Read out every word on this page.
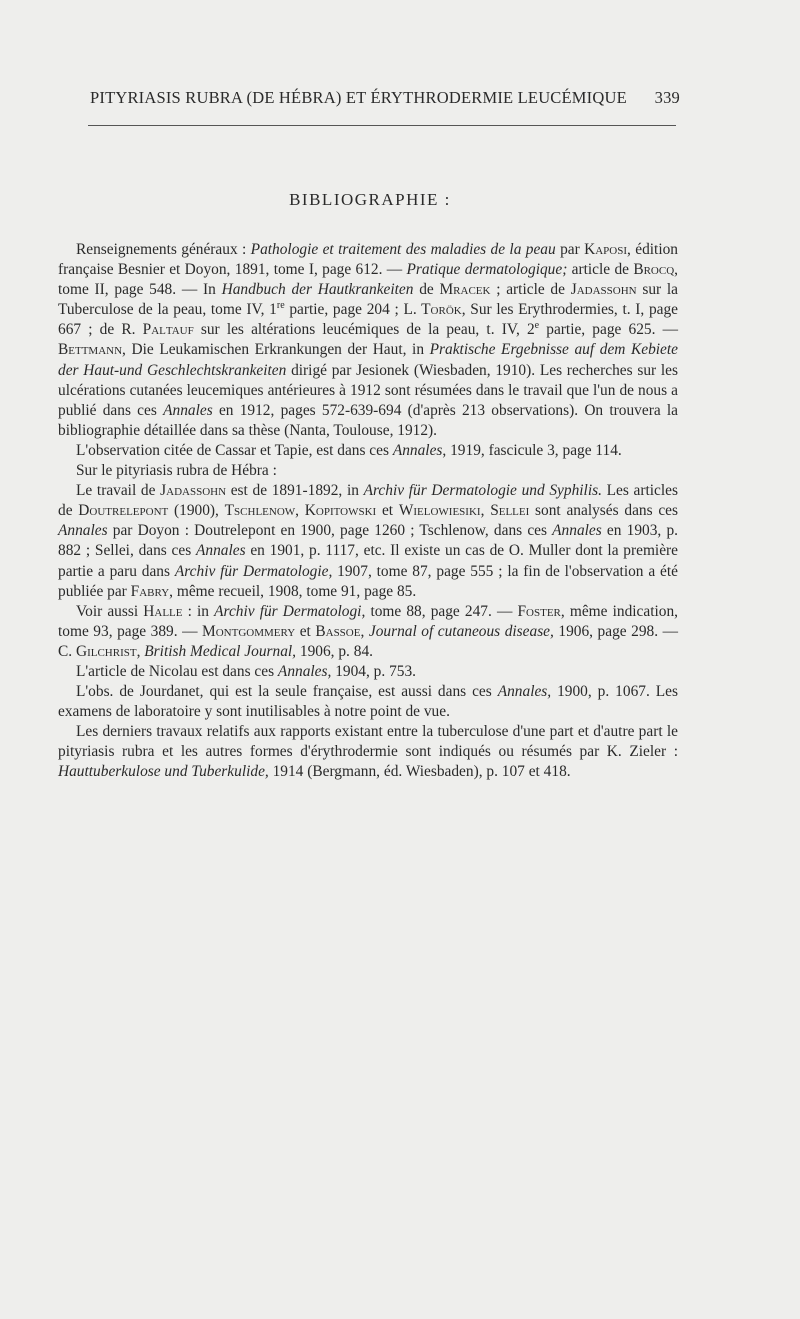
PITYRIASIS RUBRA (DE HÉBRA) ET ÉRYTHRODERMIE LEUCÉMIQUE 339
BIBLIOGRAPHIE :

Renseignements généraux : Pathologie et traitement des maladies de la peau par Kaposi, édition française Besnier et Doyon, 1891, tome I, page 612. — Pratique dermatologique; article de Brocq, tome II, page 548. — In Handbuch der Hautkrankeiten de Mracek ; article de Jadassohn sur la Tuberculose de la peau, tome IV, 1re partie, page 204 ; L. Torök, Sur les Erythrodermies, t. I, page 667 ; de R. Paltauf sur les altérations leucémiques de la peau, t. IV, 2e partie, page 625. — Bettmann, Die Leukamischen Erkrankungen der Haut, in Praktische Ergebnisse auf dem Kebiete der Haut-und Geschlechtskrankeiten dirigé par Jesionek (Wiesbaden, 1910). Les recherches sur les ulcérations cutanées leucemiques antérieures à 1912 sont résumées dans le travail que l'un de nous a publié dans ces Annales en 1912, pages 572-639-694 (d'après 213 observations). On trouvera la bibliographie détaillée dans sa thèse (Nanta, Toulouse, 1912).

L'observation citée de Cassar et Tapie, est dans ces Annales, 1919, fascicule 3, page 114.

Sur le pityriasis rubra de Hébra :

Le travail de Jadassohn est de 1891-1892, in Archiv für Dermatologie und Syphilis. Les articles de Doutrelepont (1900), Tschlenow, Kopitowski et Wielowiesiki, Sellei sont analysés dans ces Annales par Doyon : Doutrelepont en 1900, page 1260 ; Tschlenow, dans ces Annales en 1903, p. 882 ; Sellei, dans ces Annales en 1901, p. 1117, etc. Il existe un cas de O. Muller dont la première partie a paru dans Archiv für Dermatologie, 1907, tome 87, page 555 ; la fin de l'observation a été publiée par Fabry, même recueil, 1908, tome 91, page 85.

Voir aussi Halle : in Archiv für Dermatologi, tome 88, page 247. — Foster, même indication, tome 93, page 389. — Montgommery et Bassoe, Journal of cutaneous disease, 1906, page 298. — C. Gilchrist, British Medical Journal, 1906, p. 84.

L'article de Nicolau est dans ces Annales, 1904, p. 753.

L'obs. de Jourdanet, qui est la seule française, est aussi dans ces Annales, 1900, p. 1067. Les examens de laboratoire y sont inutilisables à notre point de vue.

Les derniers travaux relatifs aux rapports existant entre la tuberculose d'une part et d'autre part le pityriasis rubra et les autres formes d'érythrodermie sont indiqués ou résumés par K. Zieler : Hauttuberkulose und Tuberkulide, 1914 (Bergmann, éd. Wiesbaden), p. 107 et 418.
